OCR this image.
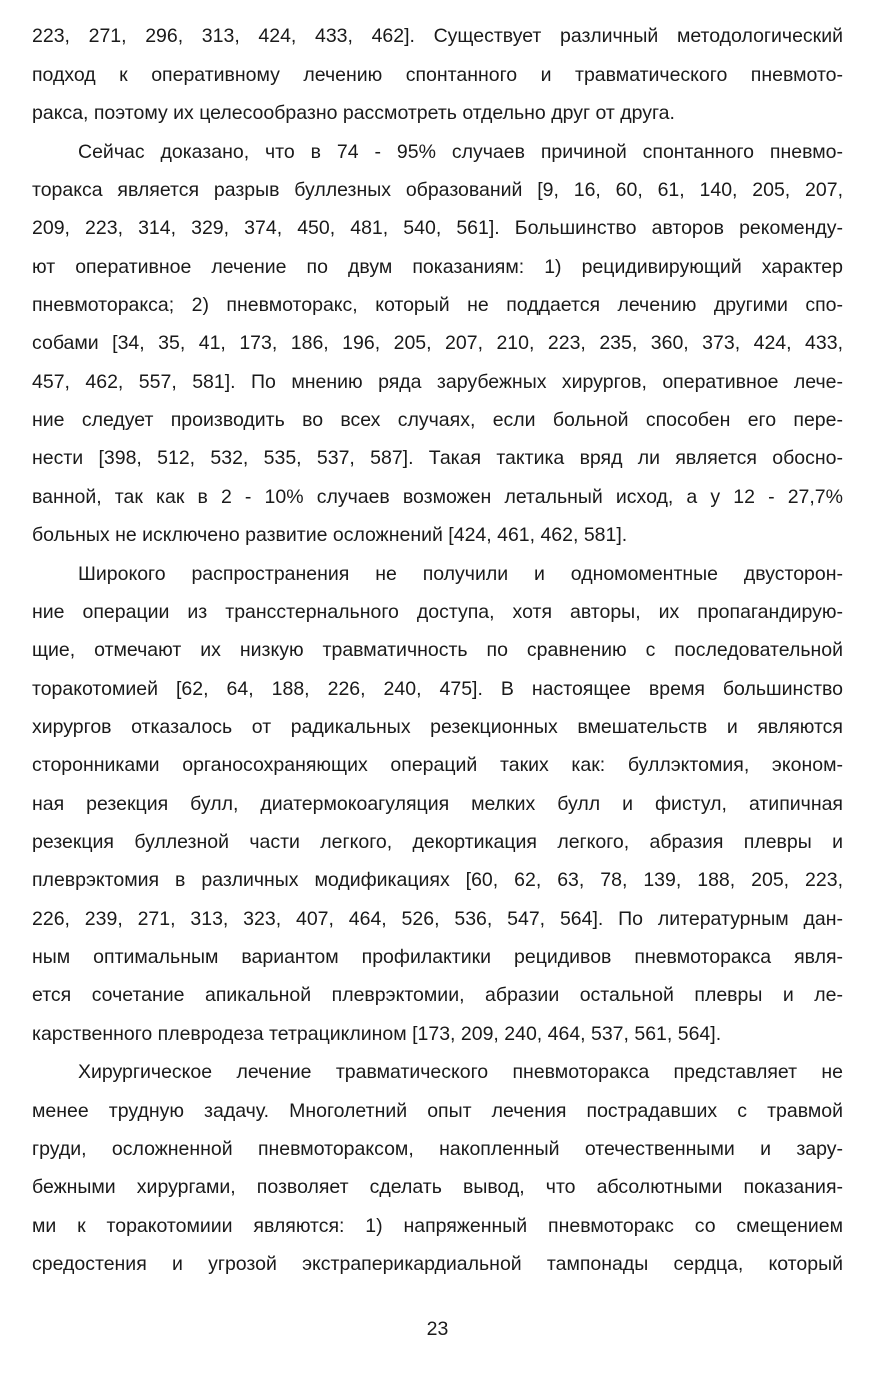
223, 271, 296, 313, 424, 433, 462]. Существует различный методологический
подход к оперативному лечению спонтанного и травматического пневмото-
ракса, поэтому их целесообразно рассмотреть отдельно друг от друга.
Сейчас доказано, что в 74 - 95% случаев причиной спонтанного пневмо-
торакса является разрыв буллезных образований [9, 16, 60, 61, 140, 205, 207,
209, 223, 314, 329, 374, 450, 481, 540, 561]. Большинство авторов рекоменду-
ют оперативное лечение по двум показаниям: 1) рецидивирующий характер
пневмоторакса; 2) пневмоторакс, который не поддается лечению другими спо-
собами [34, 35, 41, 173, 186, 196, 205, 207, 210, 223, 235, 360, 373, 424, 433,
457, 462, 557, 581]. По мнению ряда зарубежных хирургов, оперативное лече-
ние следует производить во всех случаях, если больной способен его пере-
нести [398, 512, 532, 535, 537, 587]. Такая тактика вряд ли является обосно-
ванной, так как в 2 - 10% случаев возможен летальный исход, а у 12 - 27,7%
больных не исключено развитие осложнений [424, 461, 462, 581].
Широкого распространения не получили и одномоментные двусторон-
ние операции из трансстернального доступа, хотя авторы, их пропагандирую-
щие, отмечают их низкую травматичность по сравнению с последовательной
торакотомией [62, 64, 188, 226, 240, 475]. В настоящее время большинство
хирургов отказалось от радикальных резекционных вмешательств и являются
сторонниками органосохраняющих операций таких как: буллэктомия, эконом-
ная резекция булл, диатермокоагуляция мелких булл и фистул, атипичная
резекция буллезной части легкого, декортикация легкого, абразия плевры и
плеврэктомия в различных модификациях [60, 62, 63, 78, 139, 188, 205, 223,
226, 239, 271, 313, 323, 407, 464, 526, 536, 547, 564]. По литературным дан-
ным оптимальным вариантом профилактики рецидивов пневмоторакса явля-
ется сочетание апикальной плеврэктомии, абразии остальной плевры и ле-
карственного плевродеза тетрациклином [173, 209, 240, 464, 537, 561, 564].
Хирургическое лечение травматического пневмоторакса представляет не
менее трудную задачу. Многолетний опыт лечения пострадавших с травмой
груди, осложненной пневмотораксом, накопленный отечественными и зару-
бежными хирургами, позволяет сделать вывод, что абсолютными показания-
ми к торакотомиии являются: 1) напряженный пневмоторакс со смещением
средостения и угрозой экстраперикардиальной тампонады сердца, который
23
